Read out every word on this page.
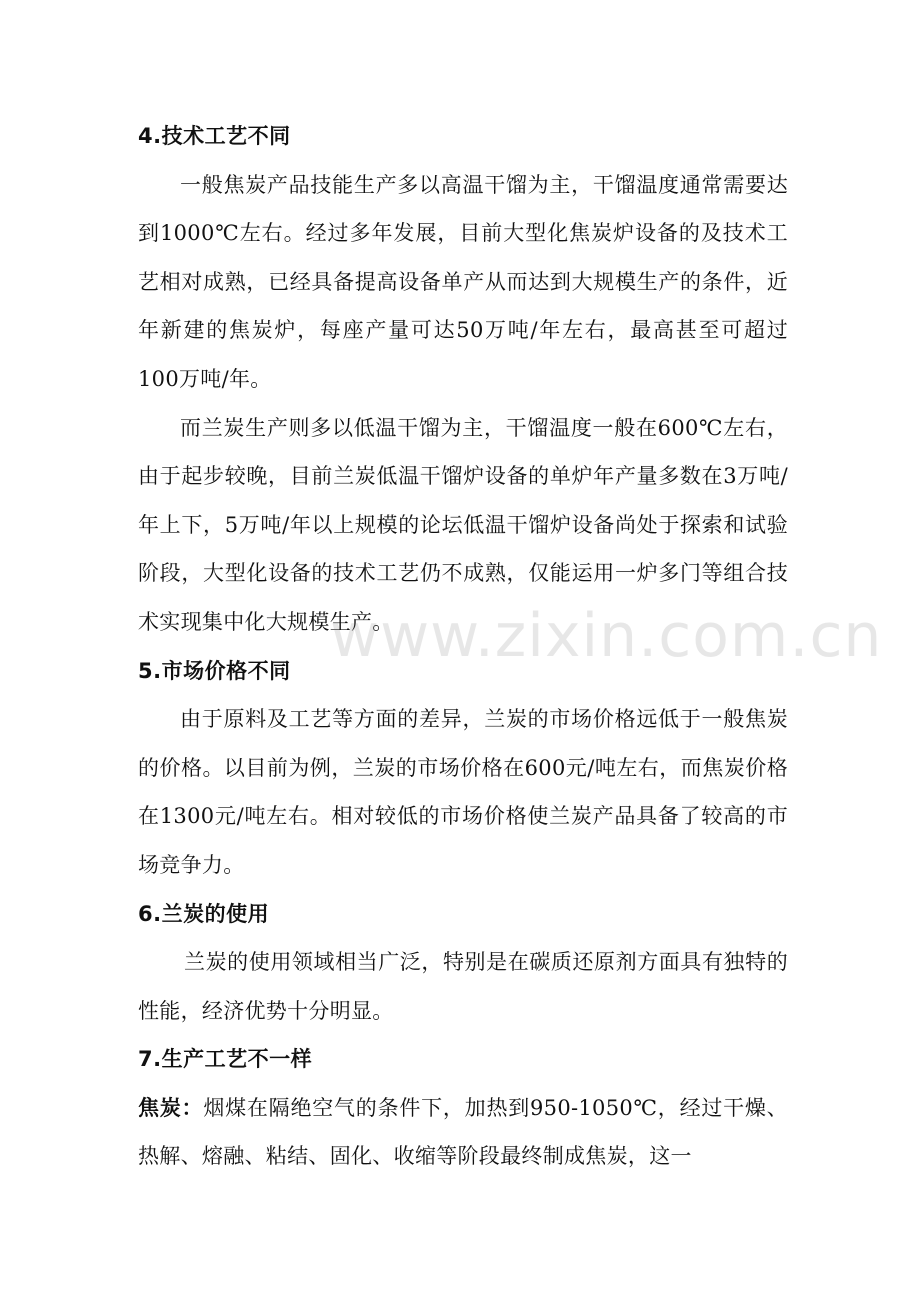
4.技术工艺不同

一般焦炭产品技能生产多以高温干馏为主，干馏温度通常需要达到1000℃左右。经过多年发展，目前大型化焦炭炉设备的及技术工艺相对成熟，已经具备提高设备单产从而达到大规模生产的条件，近年新建的焦炭炉，每座产量可达50万吨/年左右，最高甚至可超过100万吨/年。

而兰炭生产则多以低温干馏为主，干馏温度一般在600℃左右，由于起步较晚，目前兰炭低温干馏炉设备的单炉年产量多数在3万吨/年上下，5万吨/年以上规模的论坛低温干馏炉设备尚处于探索和试验阶段，大型化设备的技术工艺仍不成熟，仅能运用一炉多门等组合技术实现集中化大规模生产。

5.市场价格不同

由于原料及工艺等方面的差异，兰炭的市场价格远低于一般焦炭的价格。以目前为例，兰炭的市场价格在600元/吨左右，而焦炭价格在1300元/吨左右。相对较低的市场价格使兰炭产品具备了较高的市场竞争力。

6.兰炭的使用

兰炭的使用领域相当广泛，特别是在碳质还原剂方面具有独特的性能，经济优势十分明显。

7.生产工艺不一样

焦炭：烟煤在隔绝空气的条件下，加热到950-1050℃，经过干燥、热解、熔融、粘结、固化、收缩等阶段最终制成焦炭，这一

www.zixin.com.cn
